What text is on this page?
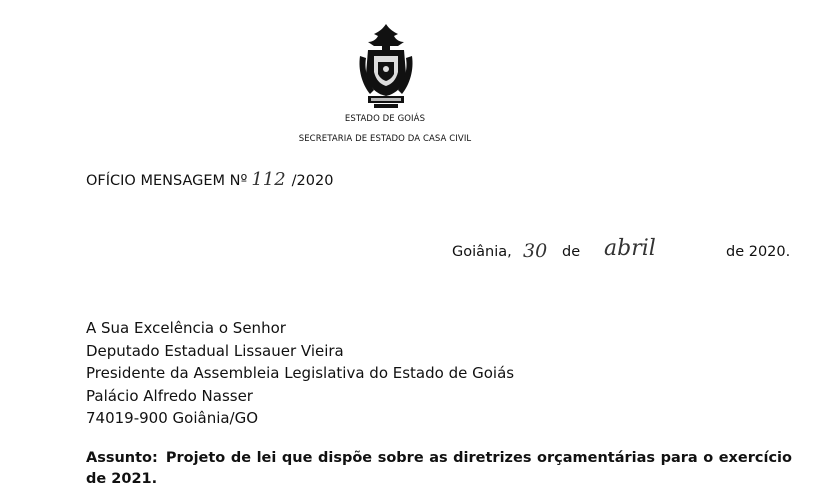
ESTADO DE GOIÁS
SECRETARIA DE ESTADO DA CASA CIVIL
OFÍCIO MENSAGEM Nº 112 /2020
Goiânia, 30 de abril	de 2020.
A Sua Excelência o Senhor
Deputado Estadual Lissauer Vieira
Presidente da Assembleia Legislativa do Estado de Goiás
Palácio Alfredo Nasser
74019-900 Goiânia/GO
Assunto: Projeto de lei que dispõe sobre as diretrizes orçamentárias para o exercício de 2021.
